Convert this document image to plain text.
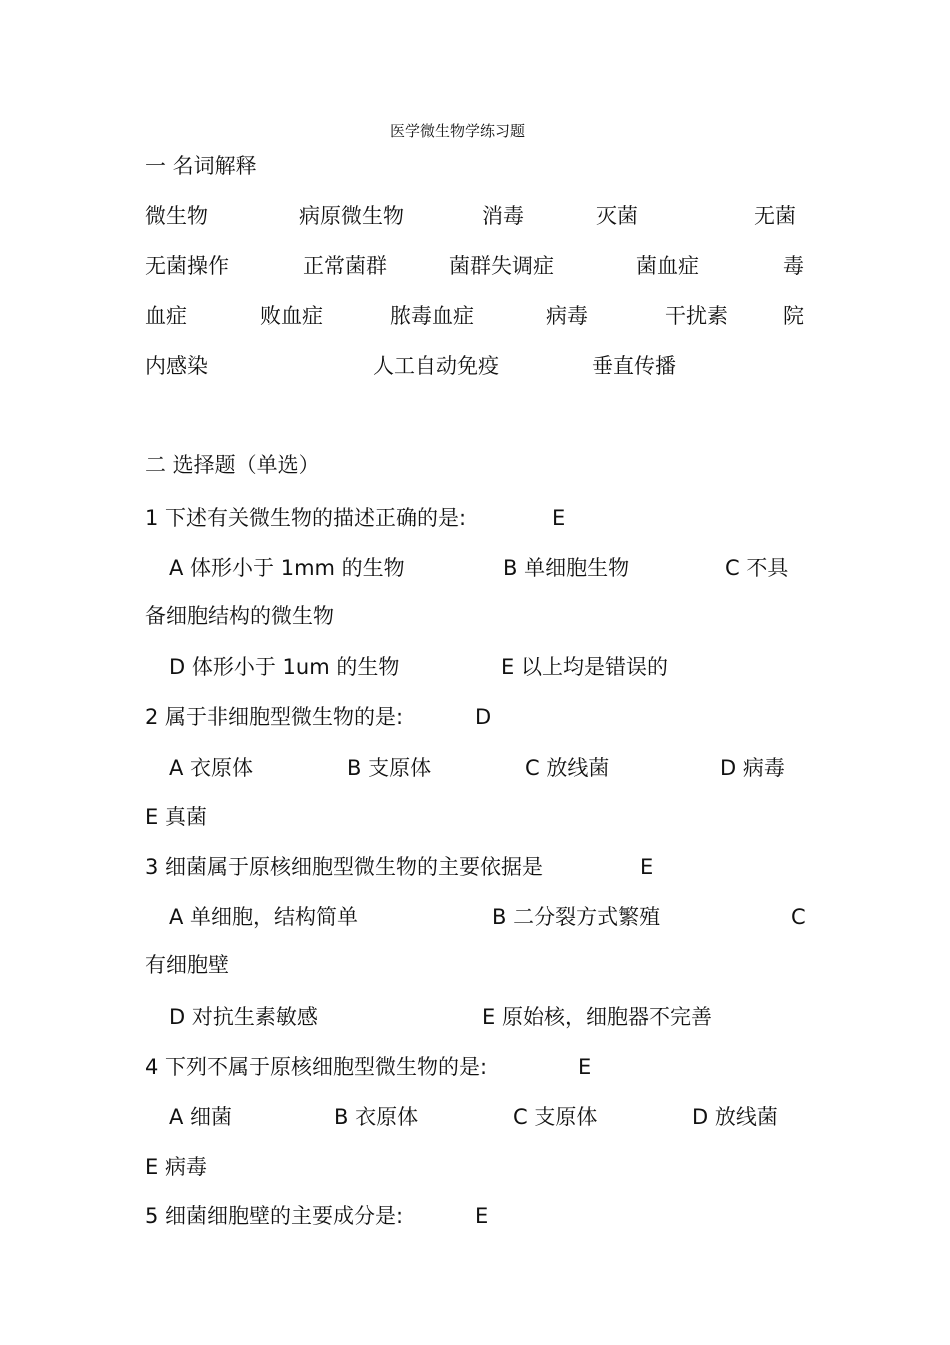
医学微生物学练习题
一 名词解释
微生物	病原微生物	消毒	灭菌	无菌
无菌操作	正常菌群	菌群失调症	菌血症	毒
血症	败血症	脓毒血症	病毒	干扰素	院
内感染	人工自动免疫	垂直传播
二 选择题（单选）
1 下述有关微生物的描述正确的是:	E
A 体形小于 1mm 的生物	B 单细胞生物	C 不具
备细胞结构的微生物
D 体形小于 1um 的生物	E 以上均是错误的
2 属于非细胞型微生物的是:	D
A 衣原体	B 支原体	C 放线菌	D 病毒
E 真菌
3 细菌属于原核细胞型微生物的主要依据是	E
A 单细胞，结构简单	B 二分裂方式繁殖	C
有细胞壁
D 对抗生素敏感	E 原始核，细胞器不完善
4 下列不属于原核细胞型微生物的是:	E
A 细菌	B 衣原体	C 支原体	D 放线菌
E 病毒
5 细菌细胞壁的主要成分是:	E
